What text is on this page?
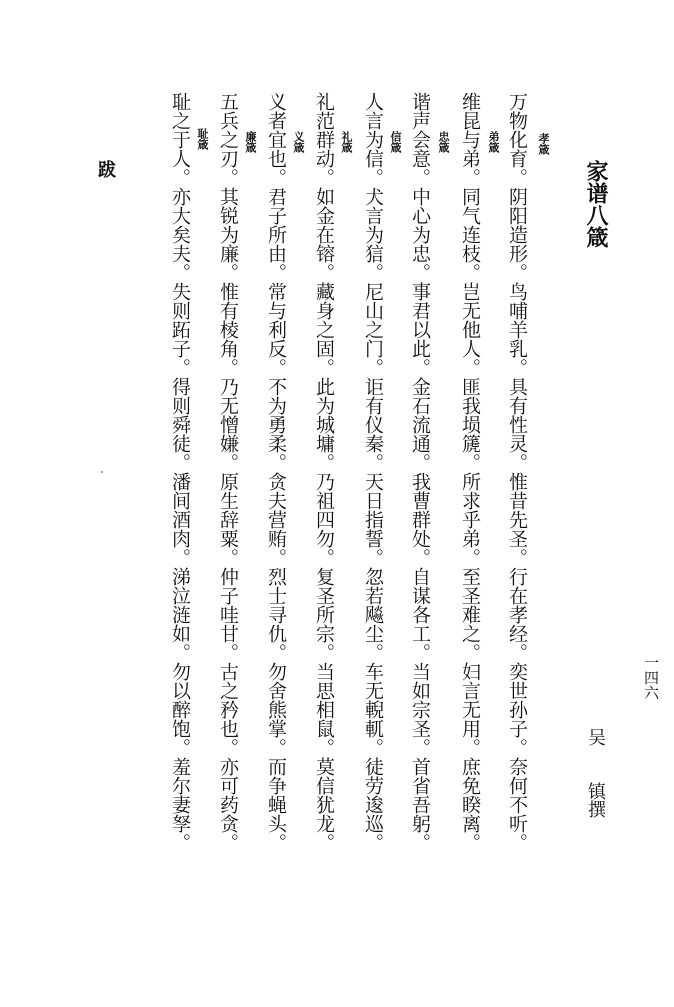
家谱八箴
吴　　镇撰
一四六
孝箴
万物化育。阴阳造形。鸟哺羊乳。具有性灵。惟昔先圣。行在孝经。奕世孙子。奈何不听。
弟箴
维昆与弟。同气连枝。岂无他人。匪我埙篪。所求乎弟。至圣难之。妇言无用。庶免睽离。
忠箴
谐声会意。中心为忠。事君以此。金石流通。我曹群处。自谋各工。当如宗圣。首省吾躬。
信箴
人言为信。犬言为狺。尼山之门。讵有仪秦。天日指誓。忽若飚尘。车无輗軏。徒劳逡巡。
礼箴
礼范群动。如金在镕。藏身之固。此为城墉。乃祖四勿。复圣所宗。当思相鼠。莫信犹龙。
义箴
义者宜也。君子所由。常与利反。不为勇柔。贪夫营贿。烈士寻仇。勿舍熊掌。而争蝇头。
廉箴
五兵之刃。其锐为廉。惟有棱角。乃无憎嫌。原生辞粟。仲子哇甘。古之矜也。亦可药贪。
耻箴
耻之于人。亦大矣夫。失则跖子。得则舜徒。潘间酒肉。涕泣涟如。勿以醉饱。羞尔妻孥。
跋
